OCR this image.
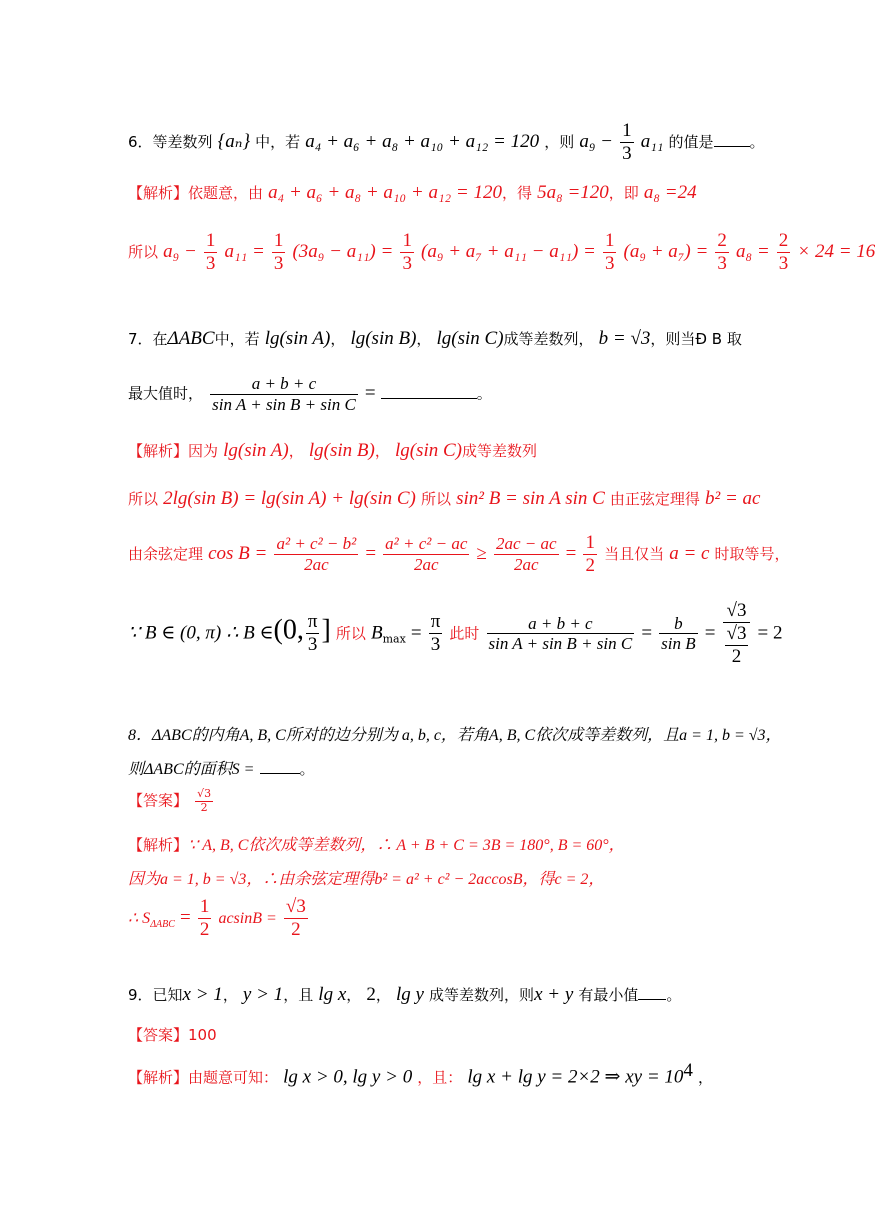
6．等差数列 {aₙ} 中，若 a₄ + a₆ + a₈ + a₁₀ + a₁₂ = 120 ，则 $a_9 - \frac{1}{3} a_{11}$ 的值是 。
【解析】依题意，由 a₄ + a₆ + a₈ + a₁₀ + a₁₂ = 120，得 5a₈ =120，即 a₈ =24
所以 $a_9 - \frac{1}{3} a_{11} = \frac{1}{3} (3a_9 - a_{11}) = \frac{1}{3} (a_9 + a_7 + a_{11} - a_{11}) = \frac{1}{3} (a_9 + a_7) = \frac{2}{3} a_8 = \frac{2}{3} \times 24 = 16$
7．在ΔABC中，若 lg(sin A)， lg(sin B)， lg(sin C)成等差数列， b = √3，则当Ð B 取
最大值时， $\frac{a + b + c}{\text{sin A + sin B + sin C}}$ =	。
【解析】因为 lg(sin A)， lg(sin B)， lg(sin C)成等差数列
所以 2lg(sin B) = lg(sin A) + lg(sin C) 所以 sin² B = sin A sin C 由正弦定理得 b² = ac
由余弦定理 $\cos B = \frac{\text{a² + c² − b²}}{2ac} = \frac{\text{a² + c² − ac}}{2ac} \ge \frac{2ac - ac}{2ac} = \frac{1}{2}$ 当且仅当 a = c 时取等号，
∵ B ∈ (0, π) ∴ B ∈(0, $\frac{\pi}{3}$ ] 所以 $B_{max} = \frac{\pi}{3}$ 此时 $\frac{a + b + c}{\text{sin A + sin B + sin C}} = \frac{b}{\text{sin B}} = \frac{√3}{\frac{√3}{2}} = 2$
8．ΔABC的内角A, B, C所对的边分别为 a, b, c，若角A, B, C依次成等差数列，且a = 1, b = √3，
则ΔABC的面积S =	。
【答案】 $\frac{√3}{2}$
【解析】∵ A, B, C依次成等差数列，∴ A + B + C = 3B = 180°, B = 60°，
因为a = 1, b = √3，∴由余弦定理得b² = a² + c² − 2accosB，得c = 2，
∴ $S_{\Delta ABC} = \frac{1}{2}$ $acsinB = \frac{√3}{2}$
9．已知x > 1， y > 1，且 lg x， 2， lg y 成等差数列，则x + y 有最小值 。
【答案】100
【解析】由题意可知： lg x > 0, lg y > 0 ，且： lg x + lg y = 2×2 ⇒ xy = $10^4$ ，
